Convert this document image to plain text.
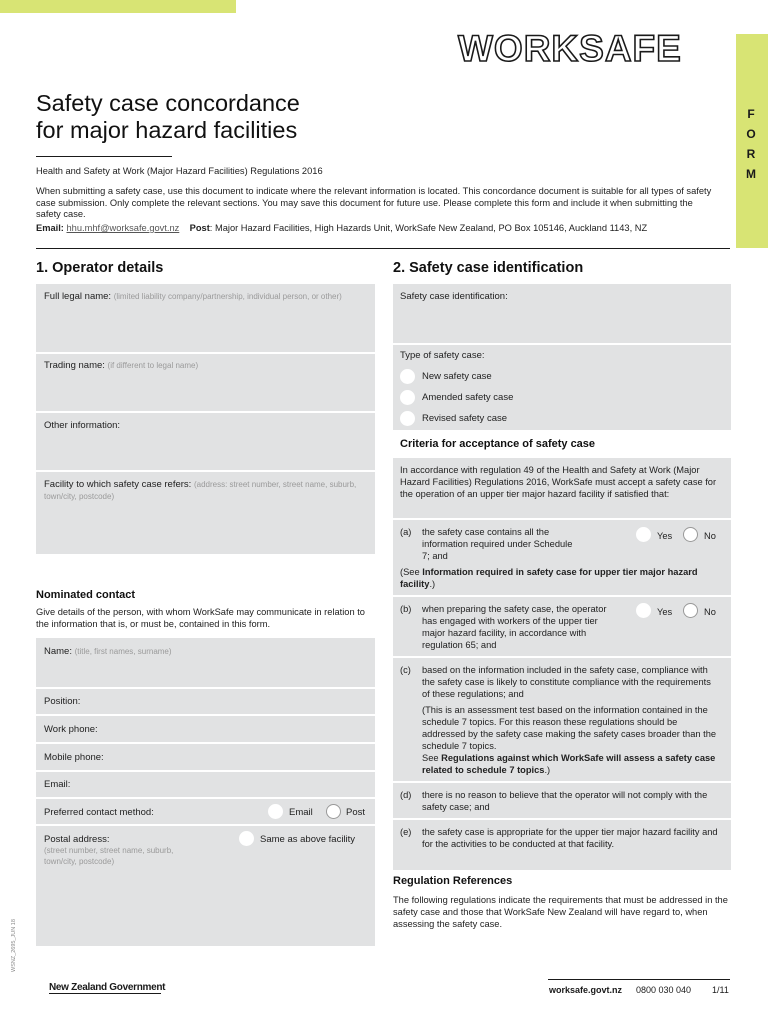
F
O
R
M
WORKSAFE
Safety case concordance
for major hazard facilities
Health and Safety at Work (Major Hazard Facilities) Regulations 2016
When submitting a safety case, use this document to indicate where the relevant information is located. This concordance document is suitable for all types of safety case submission. Only complete the relevant sections. You may save this document for future use. Please complete this form and include it when submitting the safety case.
Email: hhu.mhf@worksafe.govt.nz Post: Major Hazard Facilities, High Hazards Unit, WorkSafe New Zealand, PO Box 105146, Auckland 1143, NZ
1. Operator details
Full legal name: (limited liability company/partnership, individual person, or other)
Trading name: (if different to legal name)
Other information:
Facility to which safety case refers: (address: street number, street name, suburb, town/city, postcode)
Nominated contact
Give details of the person, with whom WorkSafe may communicate in relation to the information that is, or must be, contained in this form.
Name: (title, first names, surname)
Position:
Work phone:
Mobile phone:
Email:
Preferred contact method:	Email	Post
Postal address:
(street number, street name, suburb, town/city, postcode)
Same as above facility
2. Safety case identification
Safety case identification:
Type of safety case:
New safety case
Amended safety case
Revised safety case
Criteria for acceptance of safety case
In accordance with regulation 49 of the Health and Safety at Work (Major Hazard Facilities) Regulations 2016, WorkSafe must accept a safety case for the operation of an upper tier major hazard facility if satisfied that:
(a) the safety case contains all the information required under Schedule 7; and
Yes	No
(See Information required in safety case for upper tier major hazard facility.)
(b) when preparing the safety case, the operator has engaged with workers of the upper tier major hazard facility, in accordance with regulation 65; and
Yes	No
(c) based on the information included in the safety case, compliance with the safety case is likely to constitute compliance with the requirements of these regulations; and
(This is an assessment test based on the information contained in the schedule 7 topics. For this reason these regulations should be addressed by the safety case making the safety cases broader than the schedule 7 topics.
See Regulations against which WorkSafe will assess a safety case related to schedule 7 topics.)
(d) there is no reason to believe that the operator will not comply with the safety case; and
(e) the safety case is appropriate for the upper tier major hazard facility and for the activities to be conducted at that facility.
Regulation References
The following regulations indicate the requirements that must be addressed in the safety case and those that WorkSafe New Zealand will have regard to, when assessing the safety case.
WSNZ_2695_JUN 18
New Zealand Government	worksafe.govt.nz 0800 030 040 1/11
